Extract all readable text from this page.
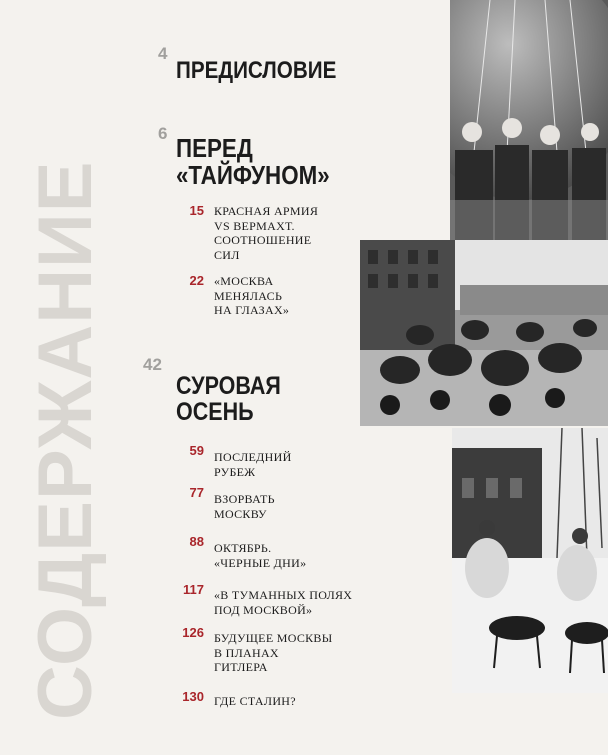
СОДЕРЖАНИЕ
4
ПРЕДИСЛОВИЕ
6 ПЕРЕД
«ТАЙФУНОМ»
15 КРАСНАЯ АРМИЯ
VS ВЕРМАХТ.
СООТНОШЕНИЕ
СИЛ
22 «МОСКВА
МЕНЯЛАСЬ
НА ГЛАЗАХ»
42
СУРОВАЯ
ОСЕНЬ
59 ПОСЛЕДНИЙ
РУБЕЖ
77 ВЗОРВАТЬ
МОСКВУ
88 ОКТЯБРЬ.
«ЧЕРНЫЕ ДНИ»
117 «В ТУМАННЫХ ПОЛЯХ
ПОД МОСКВОЙ»
126 БУДУЩЕЕ МОСКВЫ
В ПЛАНАХ
ГИТЛЕРА
130 ГДЕ СТАЛИН?
